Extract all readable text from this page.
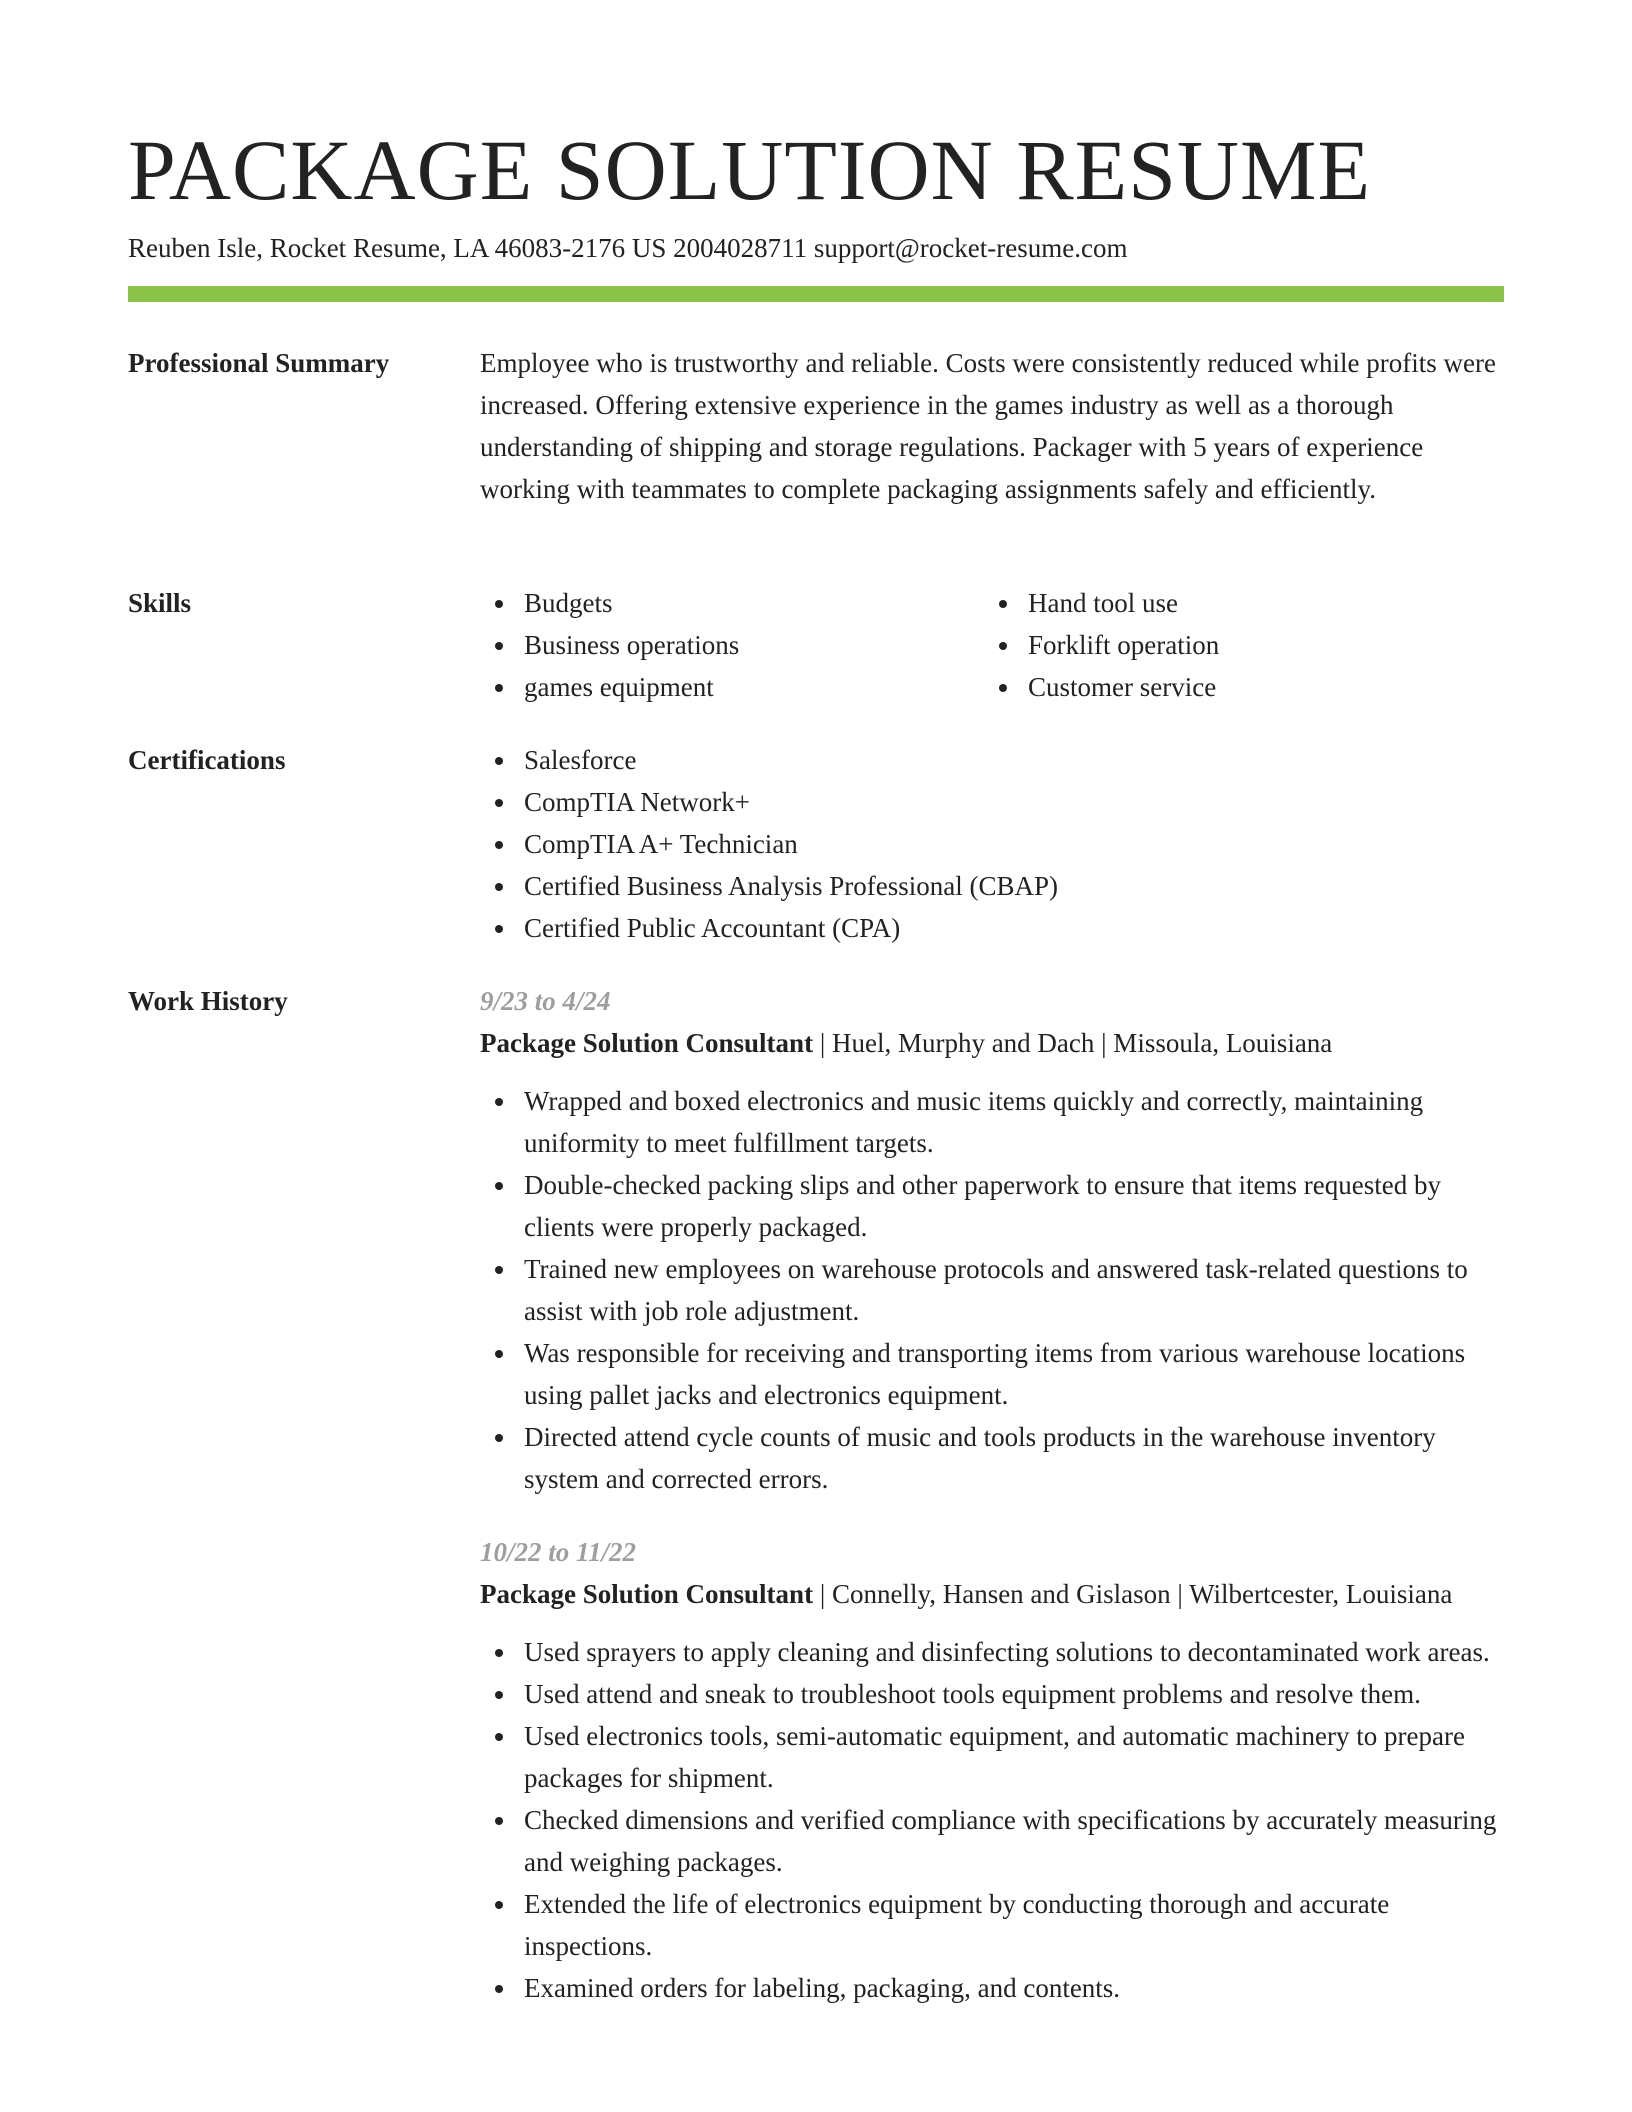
PACKAGE SOLUTION RESUME
Reuben Isle, Rocket Resume, LA 46083-2176 US 2004028711 support@rocket-resume.com
Professional Summary	Employee who is trustworthy and reliable. Costs were consistently reduced while profits were increased. Offering extensive experience in the games industry as well as a thorough understanding of shipping and storage regulations. Packager with 5 years of experience working with teammates to complete packaging assignments safely and efficiently.

Skills	Budgets
Business operations
games equipment
Hand tool use
Forklift operation
Customer service
Certifications	Salesforce
CompTIA Network+
CompTIA A+ Technician
Certified Business Analysis Professional (CBAP)
Certified Public Accountant (CPA)
Work History	9/23 to 4/24
Package Solution Consultant | Huel, Murphy and Dach | Missoula, Louisiana
Wrapped and boxed electronics and music items quickly and correctly, maintaining uniformity to meet fulfillment targets.
Double-checked packing slips and other paperwork to ensure that items requested by clients were properly packaged.
Trained new employees on warehouse protocols and answered task-related questions to assist with job role adjustment.
Was responsible for receiving and transporting items from various warehouse locations using pallet jacks and electronics equipment.
Directed attend cycle counts of music and tools products in the warehouse inventory system and corrected errors.
10/22 to 11/22
Package Solution Consultant | Connelly, Hansen and Gislason | Wilbertcester, Louisiana
Used sprayers to apply cleaning and disinfecting solutions to decontaminated work areas.
Used attend and sneak to troubleshoot tools equipment problems and resolve them.
Used electronics tools, semi-automatic equipment, and automatic machinery to prepare packages for shipment.
Checked dimensions and verified compliance with specifications by accurately measuring and weighing packages.
Extended the life of electronics equipment by conducting thorough and accurate inspections.
Examined orders for labeling, packaging, and contents.
